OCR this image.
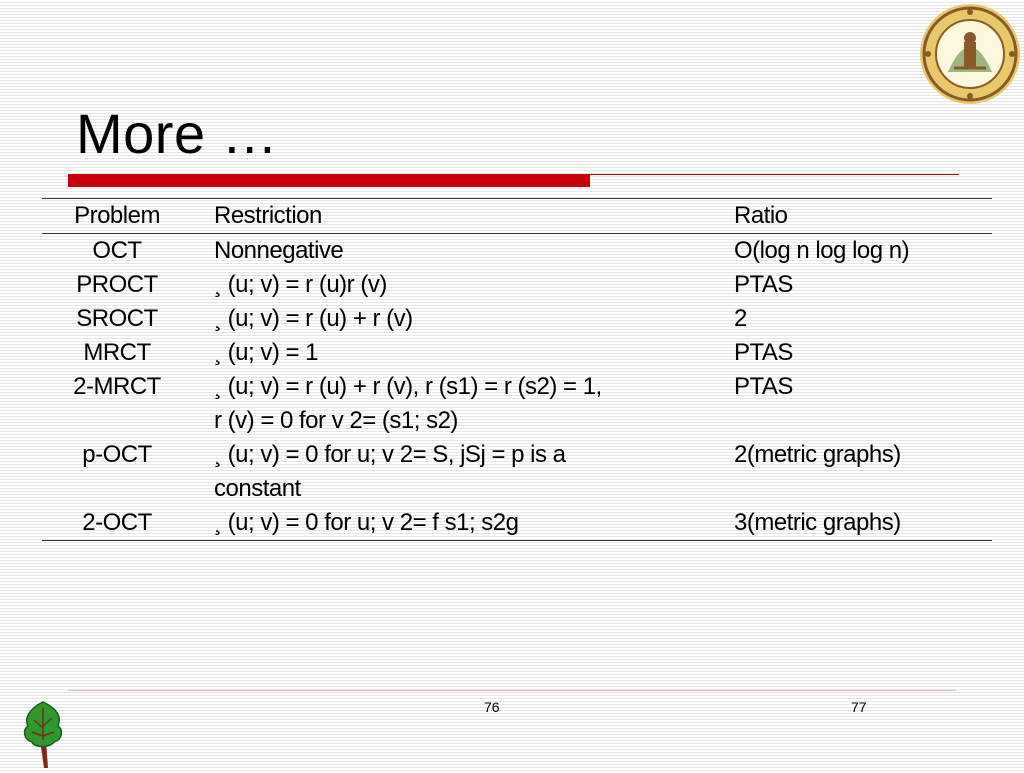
More …
Problem	Restriction	Ratio
OCT	Nonnegative	O(log n log log n)
PROCT	¸ (u; v) = r (u)r (v)	PTAS
SROCT	¸ (u; v) = r (u) + r (v)	2
MRCT	¸ (u; v) = 1	PTAS
2-MRCT	¸ (u; v) = r (u) + r (v), r (s1) = r (s2) = 1,
r (v) = 0 for v 2= (s1; s2)	PTAS
p-OCT	¸ (u; v) = 0 for u; v 2= S, jSj = p is a
constant	2(metric graphs)
2-OCT	¸ (u; v) = 0 for u; v 2= f s1; s2g	3(metric graphs)
76	77
